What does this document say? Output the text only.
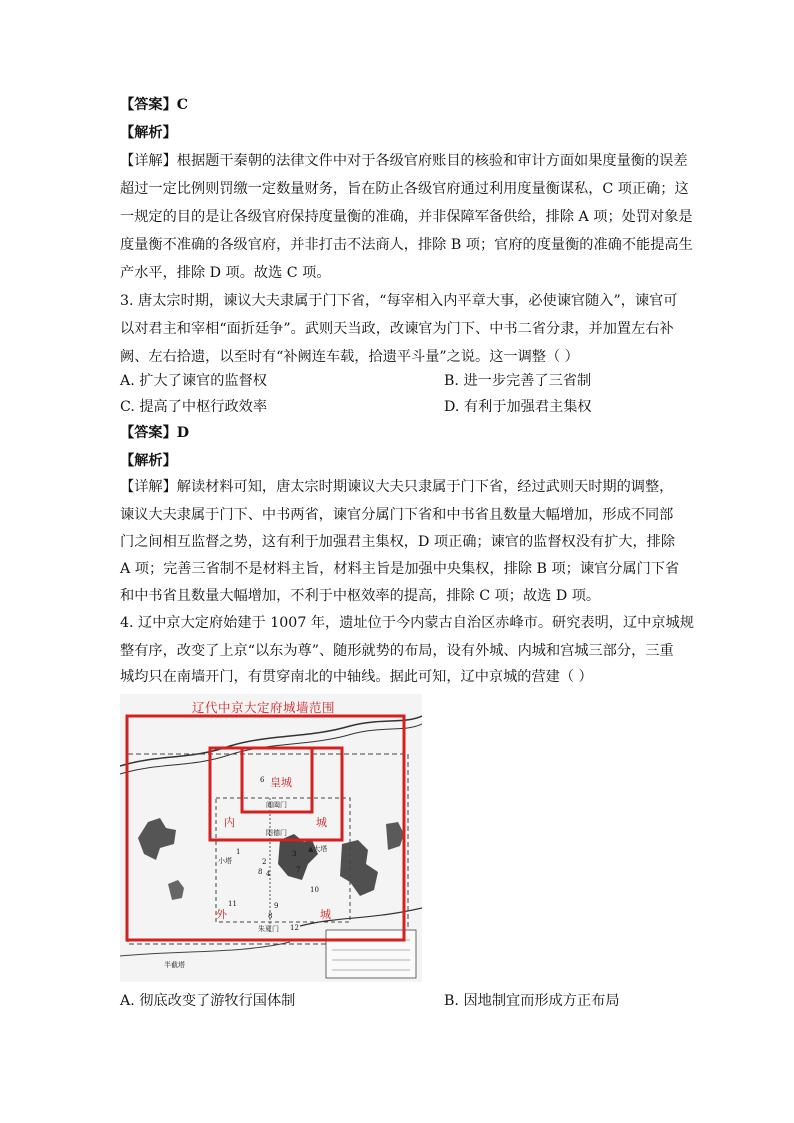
【答案】C
【解析】
【详解】根据题干秦朝的法律文件中对于各级官府账目的核验和审计方面如果度量衡的误差
超过一定比例则罚缴一定数量财务，旨在防止各级官府通过利用度量衡谋私，C 项正确；这
一规定的目的是让各级官府保持度量衡的准确，并非保障军备供给，排除 A 项；处罚对象是
度量衡不准确的各级官府，并非打击不法商人，排除 B 项；官府的度量衡的准确不能提高生
产水平，排除 D 项。故选 C 项。
3. 唐太宗时期，谏议大夫隶属于门下省，“每宰相入内平章大事，必使谏官随入”，谏官可
以对君主和宰相“面折廷争”。武则天当政，改谏官为门下、中书二省分隶，并加置左右补
阙、左右拾遗，以至时有“补阙连车载，拾遗平斗量”之说。这一调整（ ）
A. 扩大了谏官的监督权	B. 进一步完善了三省制
C. 提高了中枢行政效率	D. 有利于加强君主集权
【答案】D
【解析】
【详解】解读材料可知，唐太宗时期谏议大夫只隶属于门下省，经过武则天时期的调整，
谏议大夫隶属于门下、中书两省，谏官分属门下省和中书省且数量大幅增加，形成不同部
门之间相互监督之势，这有利于加强君主集权，D 项正确；谏官的监督权没有扩大，排除
A 项；完善三省制不是材料主旨，材料主旨是加强中央集权，排除 B 项；谏官分属门下省
和中书省且数量大幅增加，不利于中枢效率的提高，排除 C 项；故选 D 项。
4. 辽中京大定府始建于 1007 年，遗址位于今内蒙古自治区赤峰市。研究表明，辽中京城规
整有序，改变了上京“以东为尊”、随形就势的布局，设有外城、内城和宫城三部分，三重
城均只在南墙开门，有贯穿南北的中轴线。据此可知，辽中京城的营建（ ）
辽代中京大定府城墙范围
皇城
内	城
外	城
阊阖门
阳德门
朱夏门
小塔
▲大塔
半截塔
1
2
3
4
6
7
8
8
9
10
11
12
A. 彻底改变了游牧行国体制	B. 因地制宜而形成方正布局
